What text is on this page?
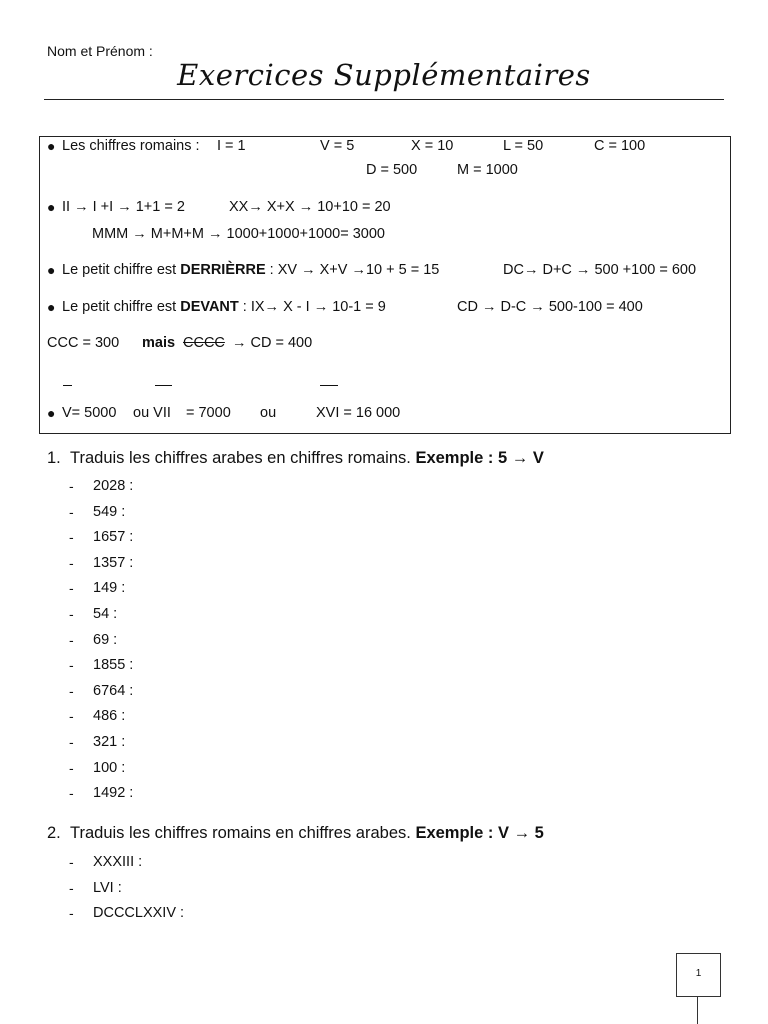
Nom et Prénom :
Exercices Supplémentaires
● Les chiffres romains : I = 1	V = 5	X = 10	L = 50	C = 100
D = 500	M = 1000
● II → I +I → 1+1 = 2	XX→ X+X → 10+10 = 20
MMM → M+M+M → 1000+1000+1000= 3000
● Le petit chiffre est DERRIÈRRE : XV → X+V →10 + 5 = 15	DC→ D+C → 500 +100 = 600
● Le petit chiffre est DEVANT : IX→ X - I → 10-1 = 9	CD → D-C → 500-100 = 400
CCC = 300 mais CCCC → CD = 400
● V= 5000 ou VII = 7000 ou	XVI = 16 000
1. Traduis les chiffres arabes en chiffres romains. Exemple : 5 → V
- 2028 :
- 549 :
- 1657 :
- 1357 :
- 149 :
- 54 :
- 69 :
- 1855 :
- 6764 :
- 486 :
- 321 :
- 100 :
- 1492 :
2. Traduis les chiffres romains en chiffres arabes. Exemple : V → 5
- XXXIII :
- LVI :
- DCCCLXXIV :
1
